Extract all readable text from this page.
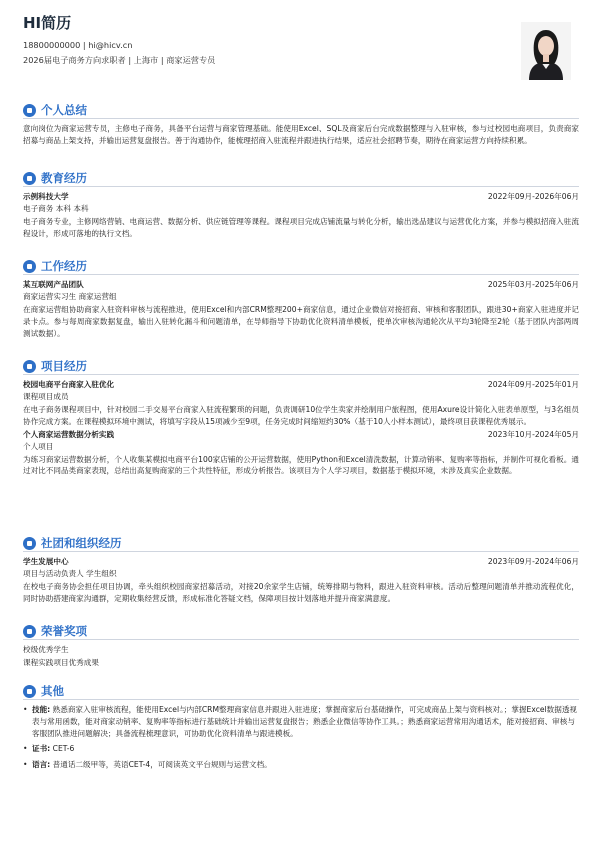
HI简历
18800000000 | hi@hicv.cn
2026届电子商务方向求职者 | 上海市 | 商家运营专员
个人总结
意向岗位为商家运营专员，主修电子商务，具备平台运营与商家管理基础。能使用Excel、SQL及商家后台完成数据整理与入驻审核，参与过校园电商项目，负责商家招募与商品上架支持，并输出运营复盘报告。善于沟通协作，能梳理招商入驻流程并跟进执行结果，适应社会招聘节奏，期待在商家运营方向持续积累。
教育经历
示例科技大学	2022年09月-2026年06月
电子商务 本科 本科
电子商务专业，主修网络营销、电商运营、数据分析、供应链管理等课程。课程项目完成店铺流量与转化分析，输出选品建议与运营优化方案，并参与模拟招商入驻流程设计，形成可落地的执行文档。
工作经历
某互联网产品团队	2025年03月-2025年06月
商家运营实习生 商家运营组
在商家运营组协助商家入驻资料审核与流程推进，使用Excel和内部CRM整理200+商家信息，通过企业微信对接招商、审核和客服团队，跟进30+商家入驻进度并记录卡点。参与每周商家数据复盘，输出入驻转化漏斗和问题清单，在导师指导下协助优化资料清单模板，使单次审核沟通轮次从平均3轮降至2轮（基于团队内部两周测试数据）。
项目经历
校园电商平台商家入驻优化	2024年09月-2025年01月
课程项目成员
在电子商务课程项目中，针对校园二手交易平台商家入驻流程繁琐的问题，负责调研10位学生卖家并绘制用户旅程图，使用Axure设计简化入驻表单原型，与3名组员协作完成方案。在课程模拟环境中测试，将填写字段从15项减少至9项，任务完成时间缩短约30%（基于10人小样本测试），最终项目获课程优秀展示。
个人商家运营数据分析实践	2023年10月-2024年05月
个人项目
为练习商家运营数据分析，个人收集某模拟电商平台100家店铺的公开运营数据，使用Python和Excel清洗数据，计算动销率、复购率等指标，并制作可视化看板。通过对比不同品类商家表现，总结出高复购商家的三个共性特征，形成分析报告。该项目为个人学习项目，数据基于模拟环境，未涉及真实企业数据。
社团和组织经历
学生发展中心	2023年09月-2024年06月
项目与活动负责人 学生组织
在校电子商务协会担任项目协调，牵头组织校园商家招募活动，对接20余家学生店铺，统筹排期与物料，跟进入驻资料审核。活动后整理问题清单并推动流程优化，同时协助搭建商家沟通群，定期收集经营反馈，形成标准化答疑文档，保障项目按计划落地并提升商家满意度。
荣誉奖项
校级优秀学生
课程实践项目优秀成果
其他
• 技能: 熟悉商家入驻审核流程，能使用Excel与内部CRM整理商家信息并跟进入驻进度；掌握商家后台基础操作，可完成商品上架与资料核对。；掌握Excel数据透视表与常用函数，能对商家动销率、复购率等指标进行基础统计并输出运营复盘报告；熟悉企业微信等协作工具。；熟悉商家运营常用沟通话术，能对接招商、审核与客服团队推进问题解决；具备流程梳理意识，可协助优化资料清单与跟进模板。
• 证书: CET-6
• 语言: 普通话二级甲等，英语CET-4，可阅读英文平台规则与运营文档。
